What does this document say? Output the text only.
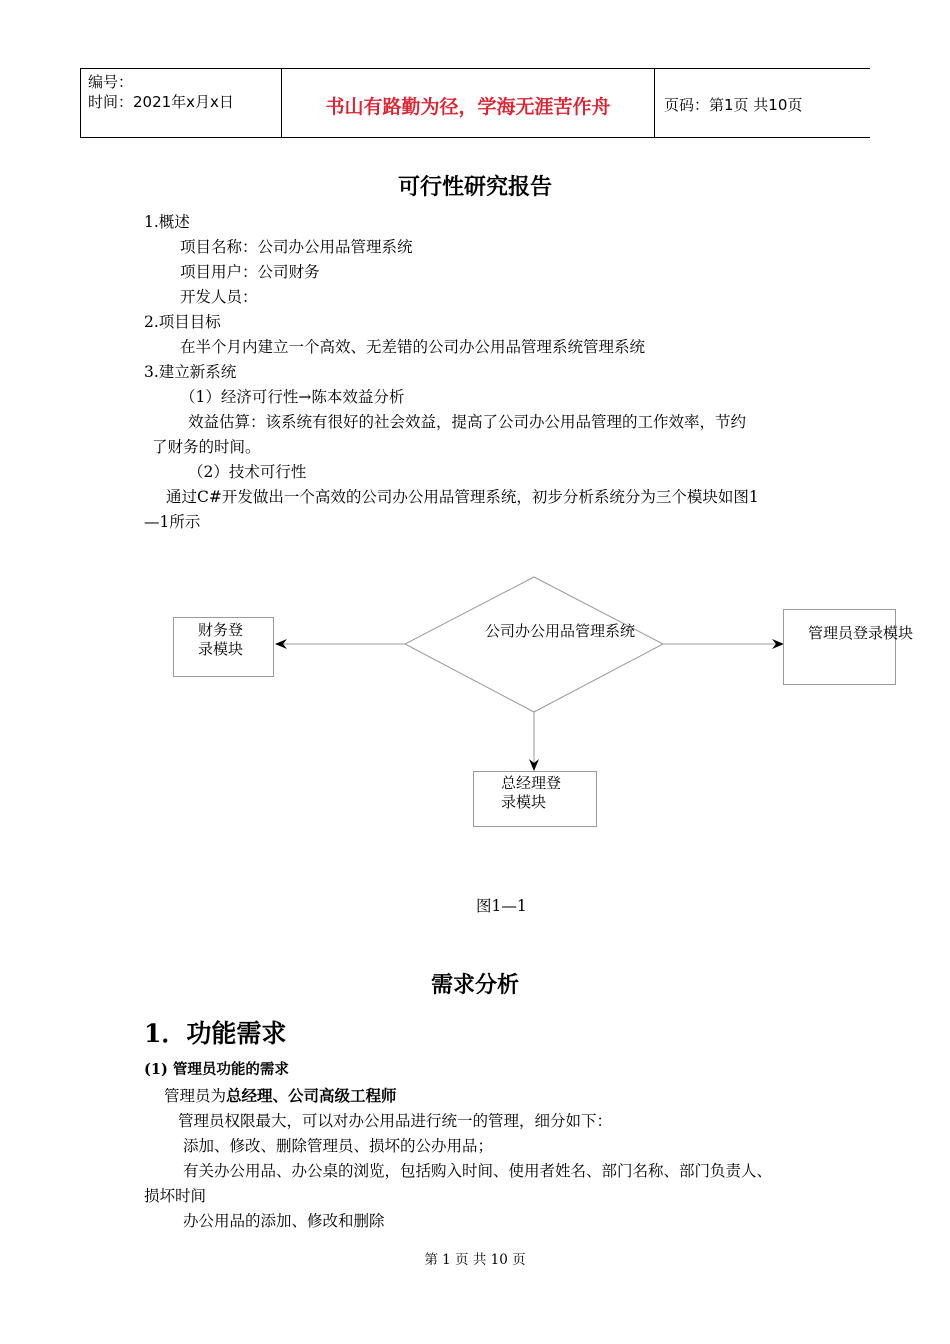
编号：
时间：2021年x月x日	书山有路勤为径，学海无涯苦作舟	页码：第1页 共10页
可行性研究报告
1.概述
项目名称：公司办公用品管理系统
项目用户：公司财务
开发人员：
2.项目目标
在半个月内建立一个高效、无差错的公司办公用品管理系统管理系统
3.建立新系统
（1）经济可行性→陈本效益分析
效益估算：该系统有很好的社会效益，提高了公司办公用品管理的工作效率，节约
了财务的时间。
（2）技术可行性
通过C#开发做出一个高效的公司办公用品管理系统，初步分析系统分为三个模块如图1
—1所示
公司办公用品管理系统
财务登
录模块
管理员登录模块
总经理登
录模块
图1—1
需求分析
1．功能需求
(1) 管理员功能的需求
管理员为总经理、公司高级工程师
管理员权限最大，可以对办公用品进行统一的管理，细分如下：
添加、修改、删除管理员、损坏的公办用品；
有关办公用品、办公桌的浏览，包括购入时间、使用者姓名、部门名称、部门负责人、
损坏时间
办公用品的添加、修改和删除
第 1 页 共 10 页
